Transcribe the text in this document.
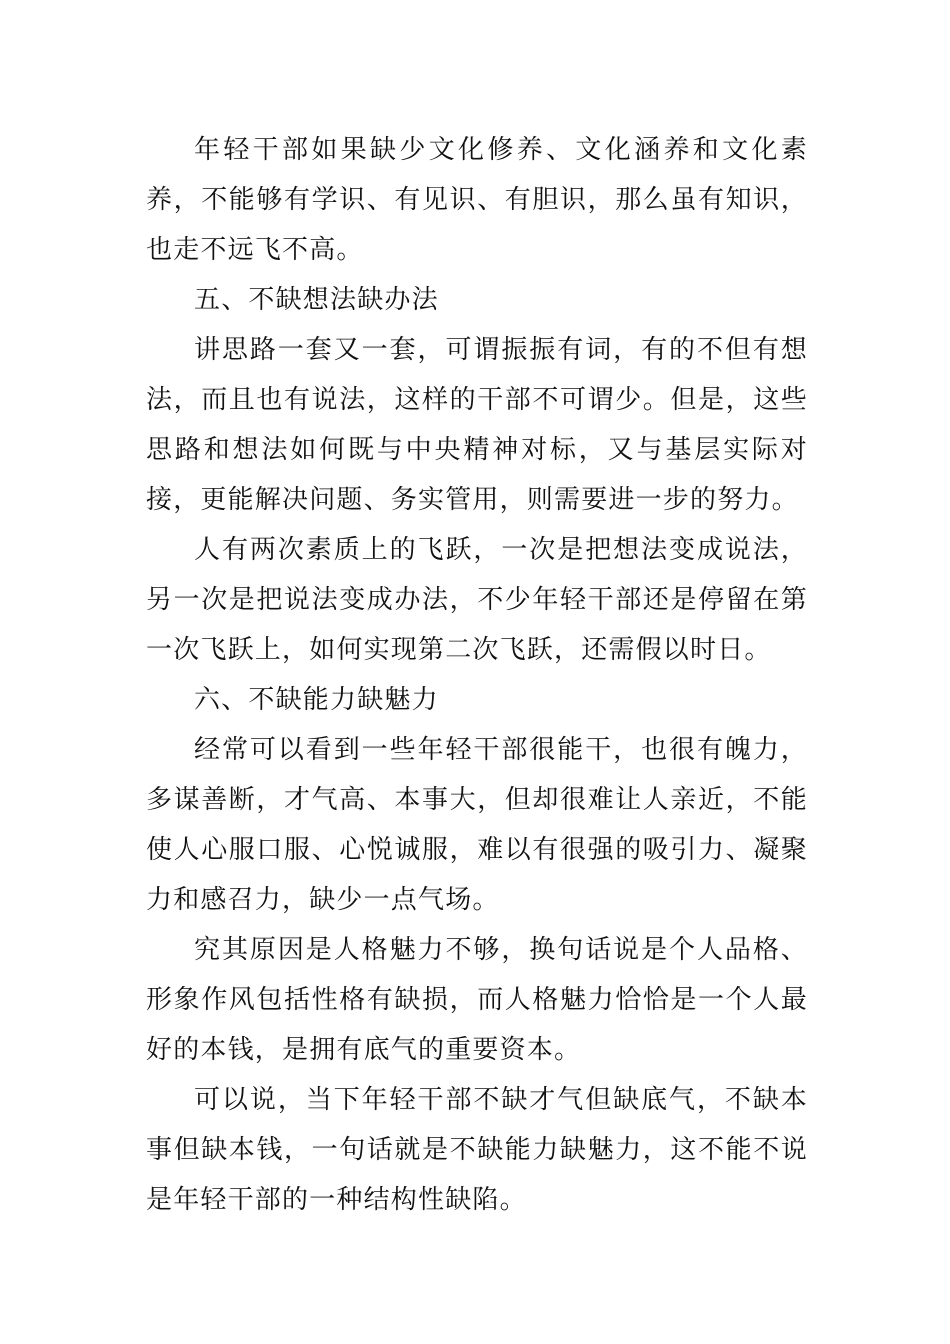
年轻干部如果缺少文化修养、文化涵养和文化素养，不能够有学识、有见识、有胆识，那么虽有知识，也走不远飞不高。

五、不缺想法缺办法

讲思路一套又一套，可谓振振有词，有的不但有想法，而且也有说法，这样的干部不可谓少。但是，这些思路和想法如何既与中央精神对标，又与基层实际对接，更能解决问题、务实管用，则需要进一步的努力。

人有两次素质上的飞跃，一次是把想法变成说法，另一次是把说法变成办法，不少年轻干部还是停留在第一次飞跃上，如何实现第二次飞跃，还需假以时日。

六、不缺能力缺魅力

经常可以看到一些年轻干部很能干，也很有魄力，多谋善断，才气高、本事大，但却很难让人亲近，不能使人心服口服、心悦诚服，难以有很强的吸引力、凝聚力和感召力，缺少一点气场。

究其原因是人格魅力不够，换句话说是个人品格、形象作风包括性格有缺损，而人格魅力恰恰是一个人最好的本钱，是拥有底气的重要资本。

可以说，当下年轻干部不缺才气但缺底气，不缺本事但缺本钱，一句话就是不缺能力缺魅力，这不能不说是年轻干部的一种结构性缺陷。
